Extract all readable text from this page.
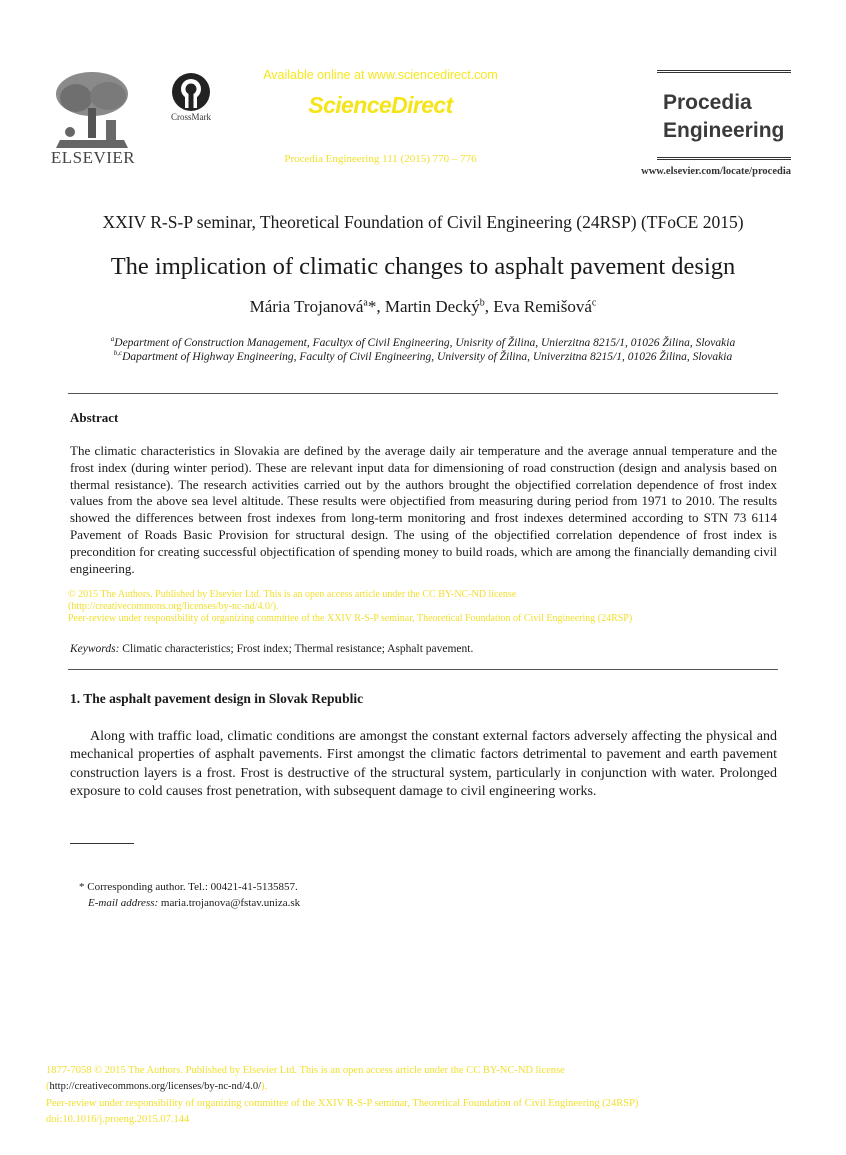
ELSEVIER
CrossMark
Available online at www.sciencedirect.com
ScienceDirect
Procedia Engineering 111 (2015) 770 – 776
Procedia
Engineering
www.elsevier.com/locate/procedia
XXIV R-S-P seminar, Theoretical Foundation of Civil Engineering (24RSP) (TFoCE 2015)
The implication of climatic changes to asphalt pavement design
Mária Trojanová$^a$*, Martin Decký$^b$, Eva Remišová$^c$
$^a$Department of Construction Management, Facultyx of Civil Engineering, Unisrity of Žilina, Unierzitna 8215/1, 01026 Žilina, Slovakia
$^{b,c}$Dapartment of Highway Engineering, Faculty of Civil Engineering, University of Žilina, Univerzitna 8215/1, 01026 Žilina, Slovakia
Abstract
The climatic characteristics in Slovakia are defined by the average daily air temperature and the average annual temperature and the frost index (during winter period). These are relevant input data for dimensioning of road construction (design and analysis based on thermal resistance). The research activities carried out by the authors brought the objectified correlation dependence of frost index values from the above sea level altitude. These results were objectified from measuring during period from 1971 to 2010. The results showed the differences between frost indexes from long-term monitoring and frost indexes determined according to STN 73 6114 Pavement of Roads Basic Provision for structural design. The using of the objectified correlation dependence of frost index is precondition for creating successful objectification of spending money to build roads, which are among the financially demanding civil engineering.
© 2015 The Authors. Published by Elsevier Ltd. This is an open access article under the CC BY-NC-ND license
(http://creativecommons.org/licenses/by-nc-nd/4.0/).
Peer-review under responsibility of organizing committee of the XXIV R-S-P seminar, Theoretical Foundation of Civil Engineering (24RSP)
Keywords: Climatic characteristics; Frost index; Thermal resistance; Asphalt pavement.
1. The asphalt pavement design in Slovak Republic
Along with traffic load, climatic conditions are amongst the constant external factors adversely affecting the physical and mechanical properties of asphalt pavements. First amongst the climatic factors detrimental to pavement and earth pavement construction layers is a frost. Frost is destructive of the structural system, particularly in conjunction with water. Prolonged exposure to cold causes frost penetration, with subsequent damage to civil engineering works.
* Corresponding author. Tel.: 00421-41-5135857.
E-mail address: maria.trojanova@fstav.uniza.sk
1877-7058 © 2015 The Authors. Published by Elsevier Ltd. This is an open access article under the CC BY-NC-ND license
(http://creativecommons.org/licenses/by-nc-nd/4.0/).
Peer-review under responsibility of organizing committee of the XXIV R-S-P seminar, Theoretical Foundation of Civil Engineering (24RSP)
doi:10.1016/j.proeng.2015.07.144
